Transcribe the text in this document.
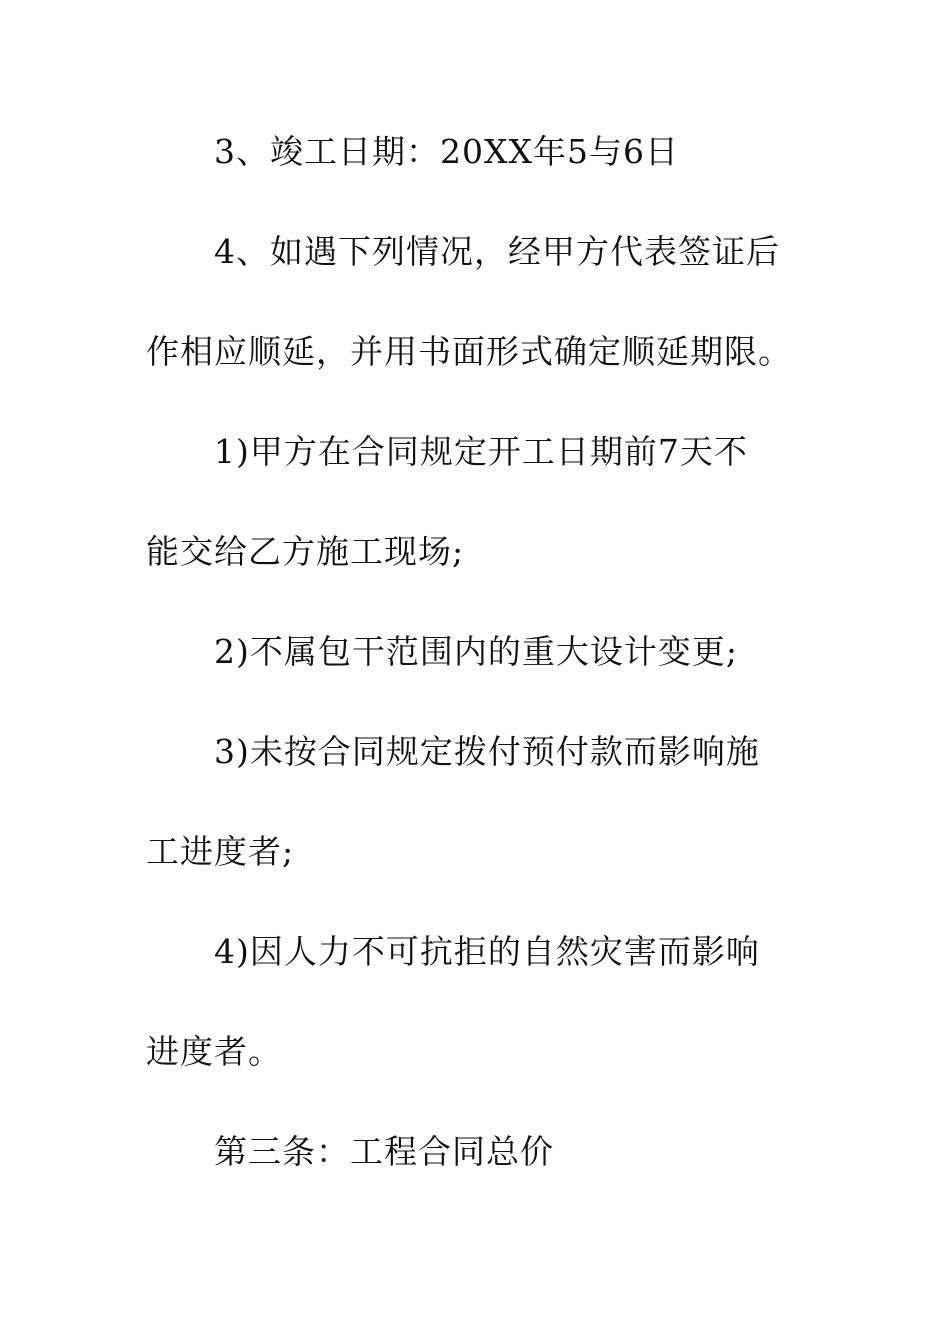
3、竣工日期：20XX年5与6日
4、如遇下列情况，经甲方代表签证后
作相应顺延，并用书面形式确定顺延期限。
1)甲方在合同规定开工日期前7天不
能交给乙方施工现场;
2)不属包干范围内的重大设计变更;
3)未按合同规定拨付预付款而影响施
工进度者;
4)因人力不可抗拒的自然灾害而影响
进度者。
第三条：工程合同总价
